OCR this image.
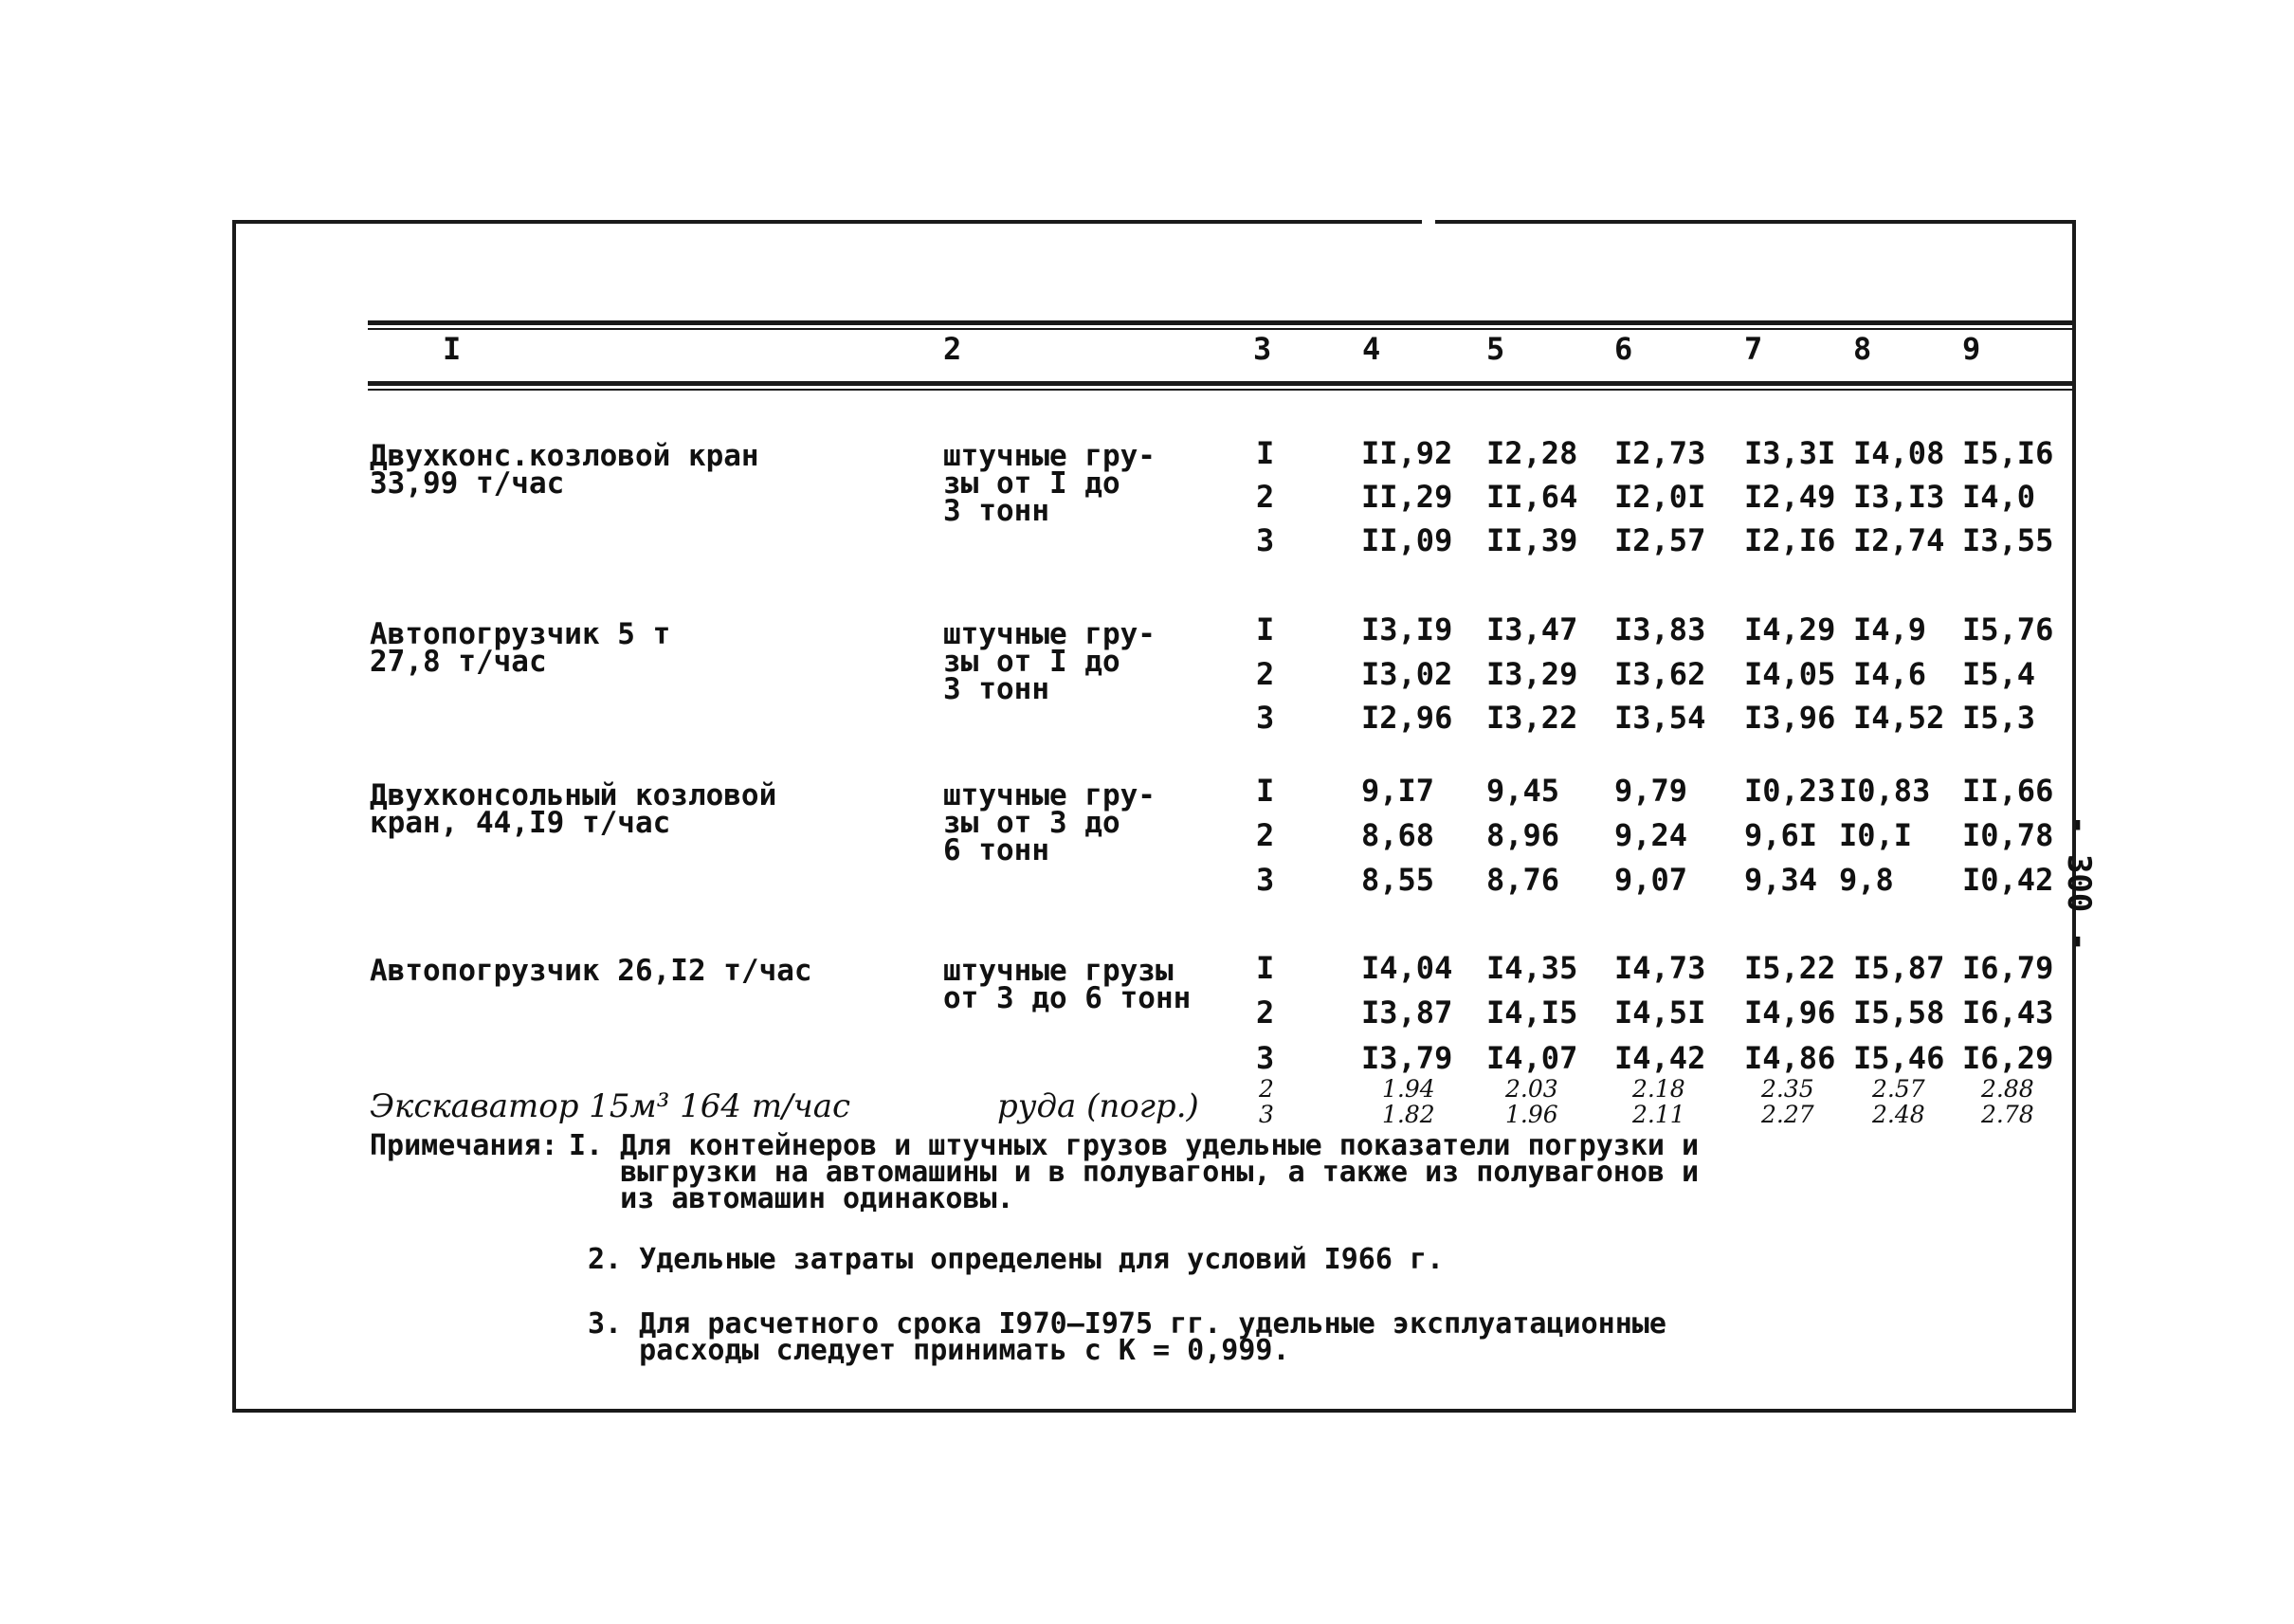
I	2	3	4	5	6	7	8	9
Двухконс.козловой кран
33,99 т/час
штучные гру-
зы от I до
3 тонн
I	II,92 I2,28 I2,73 I3,3I I4,08 I5,I6
2	II,29 II,64 I2,0I I2,49 I3,I3 I4,0
3	II,09 II,39 I2,57 I2,I6 I2,74 I3,55
Автопогрузчик 5 т
27,8 т/час
штучные гру-
зы от I до
3 тонн
I	I3,I9 I3,47 I3,83 I4,29 I4,9 I5,76
2	I3,02 I3,29 I3,62 I4,05 I4,6 I5,4
3	I2,96 I3,22 I3,54 I3,96 I4,52 I5,3
Двухконсольный козловой
кран, 44,I9 т/час
штучные гру-
зы от 3 до
6 тонн
I	9,I7 9,45 9,79 I0,23 I0,83 II,66
2	8,68 8,96 9,24 9,6I I0,I I0,78
3	8,55 8,76 9,07 9,34 9,8 I0,42
Автопогрузчик 26,I2 т/час	штучные грузы
от 3 до 6 тонн
I	I4,04 I4,35 I4,73 I5,22 I5,87 I6,79
2	I3,87 I4,I5 I4,5I I4,96 I5,58 I6,43
3	I3,79 I4,07 I4,42 I4,86 I5,46 I6,29
Экскаватор 15м³ 164 т/час	руда (погр.)	2	1.94	2.03	2.18	2.35 2.57 2.88
3	1.82	1.96	2.11	2.27 2.48 2.78
Примечания: I. Для контейнеров и штучных грузов удельные показатели погрузки и
выгрузки на автомашины и в полувагоны, а также из полувагонов и
из автомашин одинаковы.
2. Удельные затраты определены для условий I966 г.
3. Для расчетного срока I970–I975 гг. удельные эксплуатационные
расходы следует принимать с К = 0,999.
- 300 -
